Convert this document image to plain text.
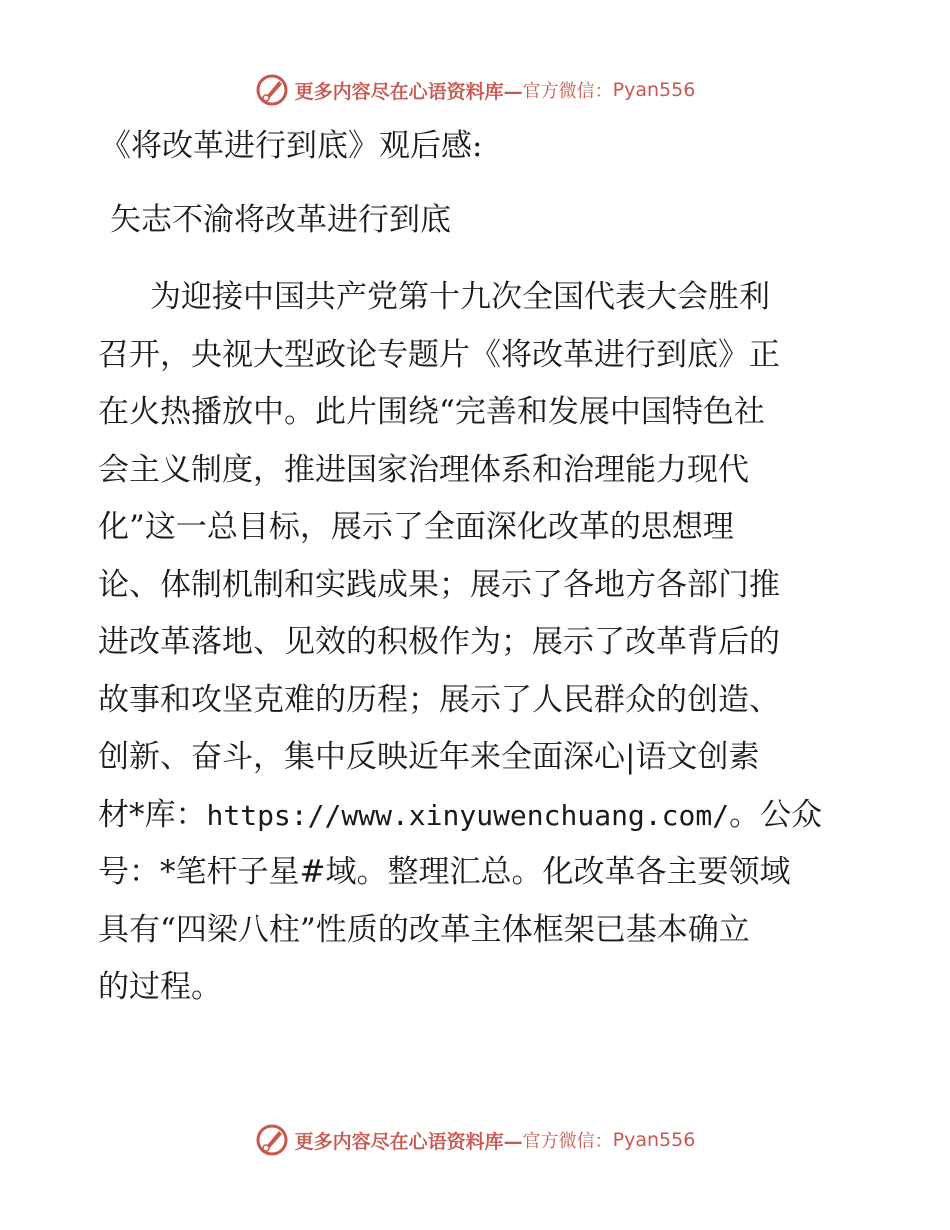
更多内容尽在心语资料库— 官方微信： Pyan556
《将改革进行到底》观后感:
矢志不渝将改革进行到底
为迎接中国共产党第十九次全国代表大会胜利
召开，央视大型政论专题片《将改革进行到底》正
在火热播放中。此片围绕“完善和发展中国特色社
会主义制度，推进国家治理体系和治理能力现代
化”这一总目标，展示了全面深化改革的思想理
论、体制机制和实践成果；展示了各地方各部门推
进改革落地、见效的积极作为；展示了改革背后的
故事和攻坚克难的历程；展示了人民群众的创造、
创新、奋斗，集中反映近年来全面深心|语文创素
材*库：https://www.xinyuwenchuang.com/。公众
号：*笔杆子星#域。整理汇总。化改革各主要领域
具有“四梁八柱”性质的改革主体框架已基本确立
的过程。
更多内容尽在心语资料库— 官方微信： Pyan556
